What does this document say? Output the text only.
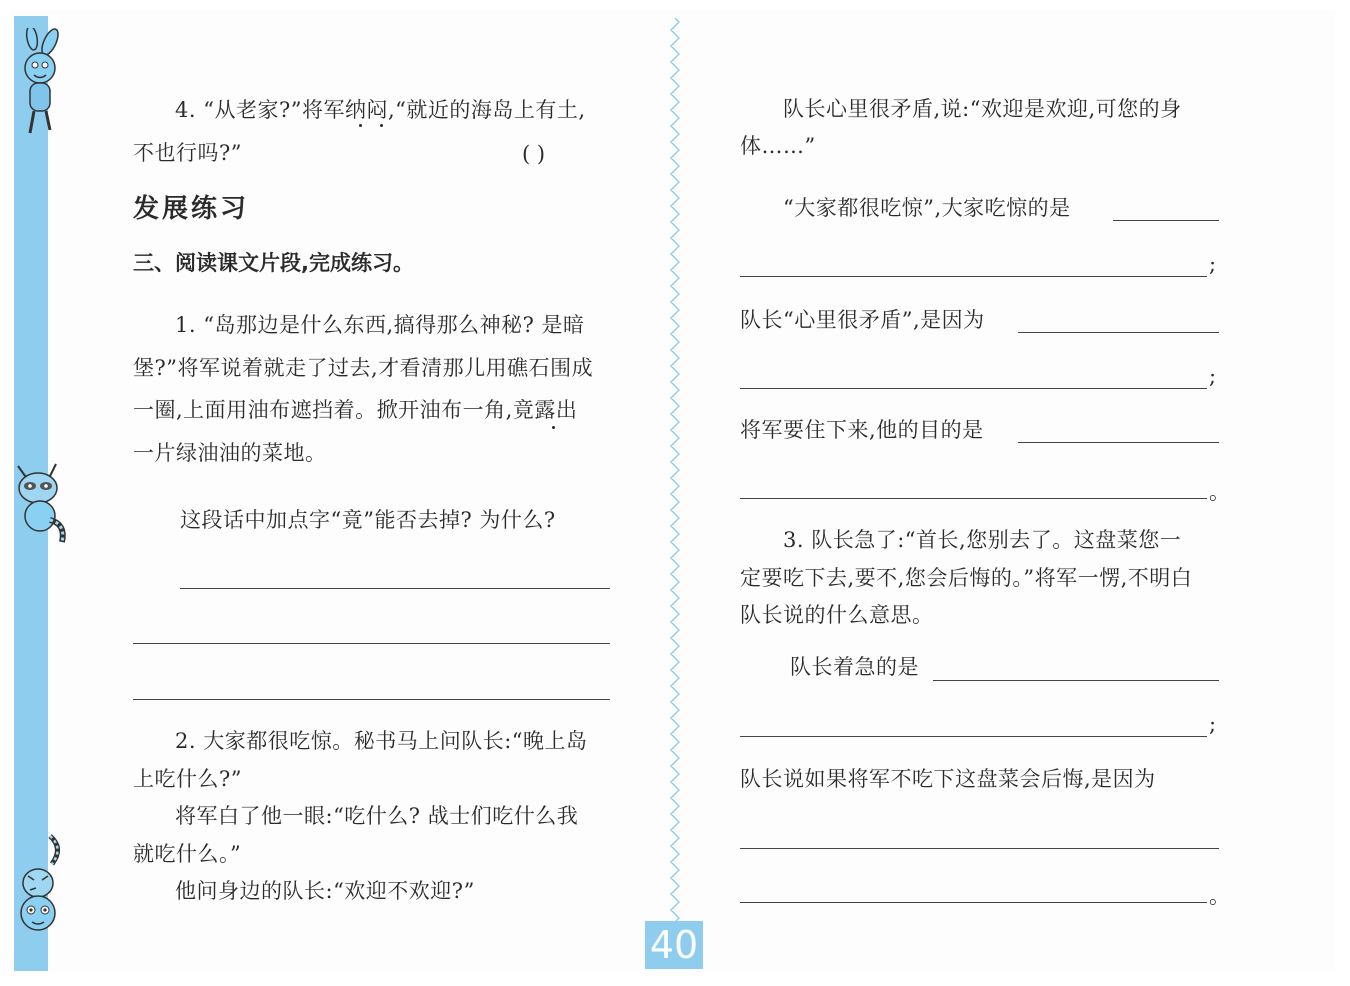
40
4. “从老家?”将军纳闷,“就近的海岛上有土,
不也行吗?”	( )
发展练习
三、阅读课文片段,完成练习。
1. “岛那边是什么东西,搞得那么神秘? 是暗
堡?”将军说着就走了过去,才看清那儿用礁石围成
一圈,上面用油布遮挡着。掀开油布一角,竟露出
一片绿油油的菜地。
这段话中加点字“竟”能否去掉? 为什么?
2. 大家都很吃惊。秘书马上问队长:“晚上岛
上吃什么?”
将军白了他一眼:“吃什么? 战士们吃什么我
就吃什么。”
他问身边的队长:“欢迎不欢迎?”
队长心里很矛盾,说:“欢迎是欢迎,可您的身
体……”
“大家都很吃惊”,大家吃惊的是
;
队长“心里很矛盾”,是因为
;
将军要住下来,他的目的是
。
3. 队长急了:“首长,您别去了。这盘菜您一
定要吃下去,要不,您会后悔的。”将军一愣,不明白
队长说的什么意思。
队长着急的是
;
队长说如果将军不吃下这盘菜会后悔,是因为
。
